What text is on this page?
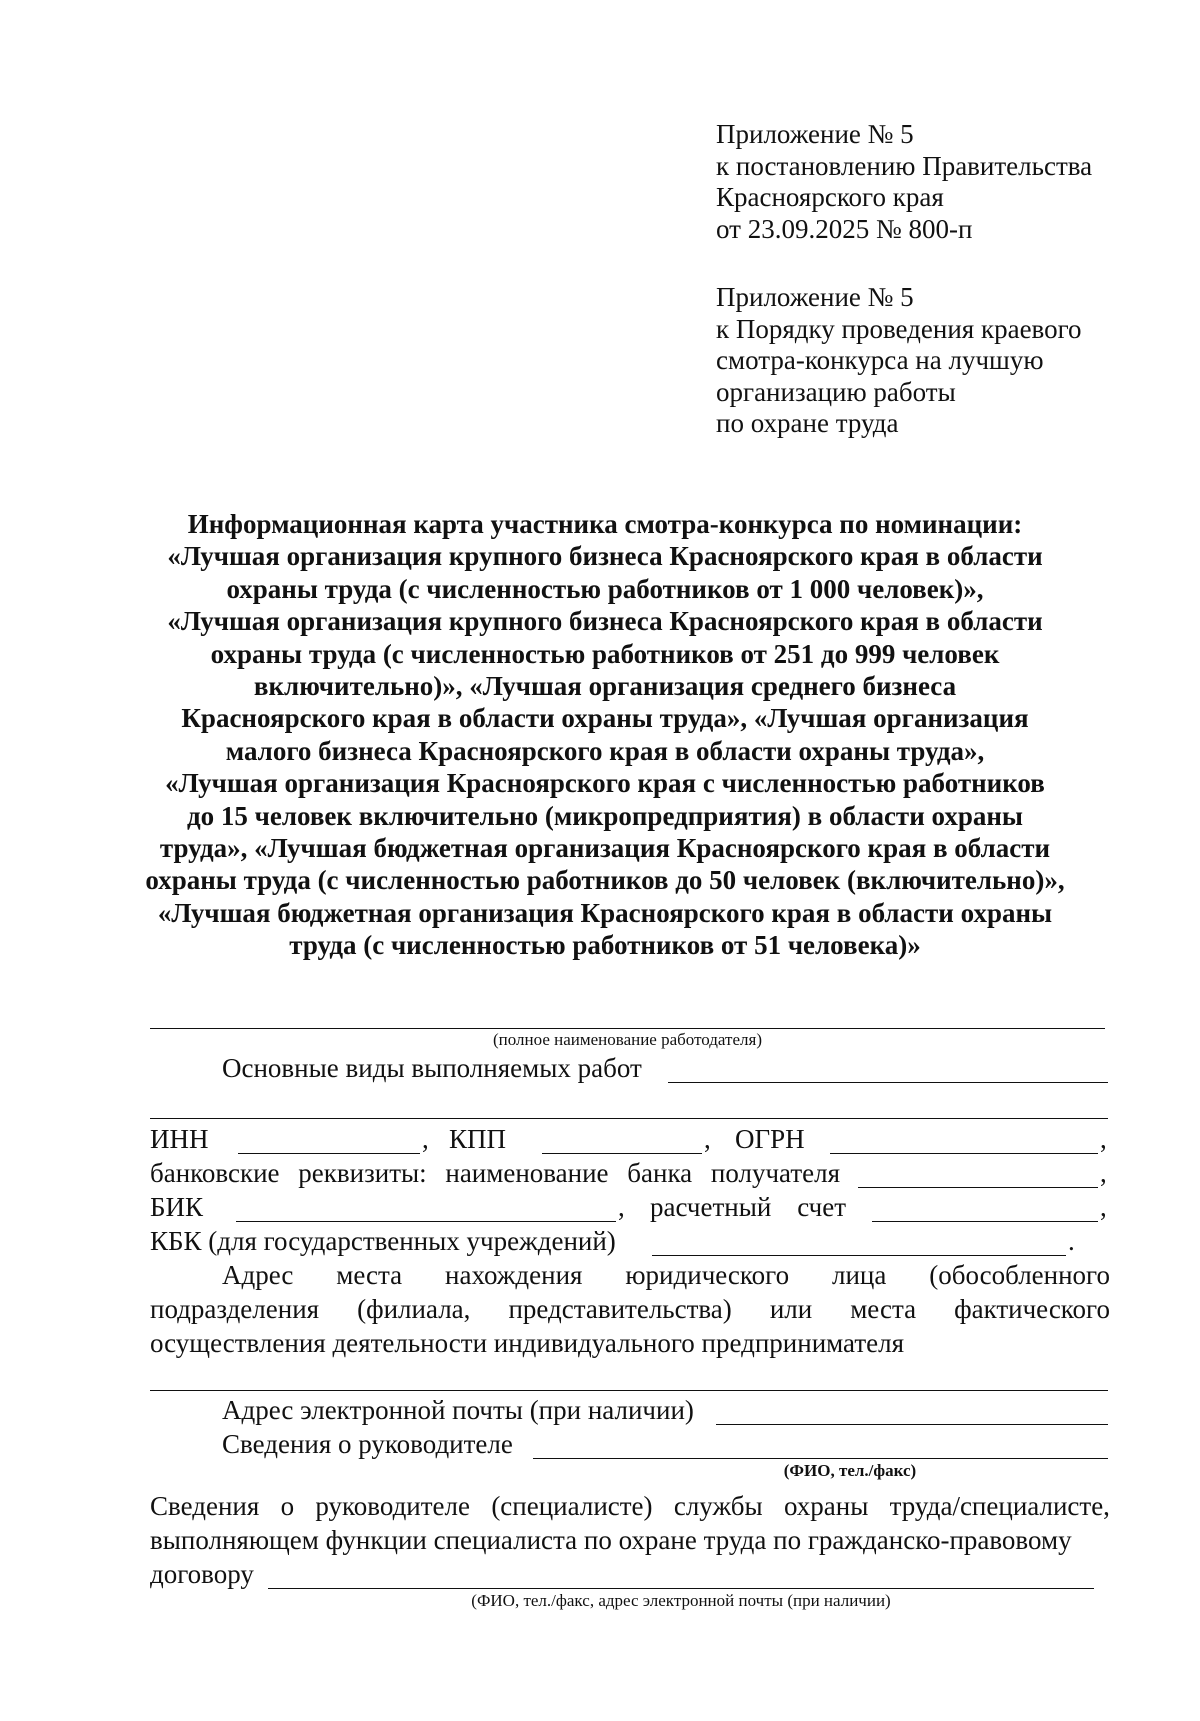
Приложение № 5
к постановлению Правительства
Красноярского края
от 23.09.2025 № 800-п
Приложение № 5
к Порядку проведения краевого
смотра-конкурса на лучшую
организацию работы
по охране труда
Информационная карта участника смотра-конкурса по номинации:
«Лучшая организация крупного бизнеса Красноярского края в области
охраны труда (с численностью работников от 1 000 человек)»,
«Лучшая организация крупного бизнеса Красноярского края в области
охраны труда (с численностью работников от 251 до 999 человек
включительно)», «Лучшая организация среднего бизнеса
Красноярского края в области охраны труда», «Лучшая организация
малого бизнеса Красноярского края в области охраны труда»,
«Лучшая организация Красноярского края с численностью работников
до 15 человек включительно (микропредприятия) в области охраны
труда», «Лучшая бюджетная организация Красноярского края в области
охраны труда (с численностью работников до 50 человек (включительно)»,
«Лучшая бюджетная организация Красноярского края в области охраны
труда (с численностью работников от 51 человека)»
(полное наименование работодателя)
Основные виды выполняемых работ
ИНН	, КПП	, ОГРН	,
банковские реквизиты: наименование банка получателя	,
БИК	, расчетный счет	,
КБК (для государственных учреждений)	.
Адрес места нахождения юридического лица (обособленного
подразделения (филиала, представительства) или места фактического
осуществления деятельности индивидуального предпринимателя
Адрес электронной почты (при наличии)
Сведения о руководителе
(ФИО, тел./факс)
Сведения о руководителе (специалисте) службы охраны труда/специалисте,
выполняющем функции специалиста по охране труда по гражданско-правовому
договору
(ФИО, тел./факс, адрес электронной почты (при наличии)
